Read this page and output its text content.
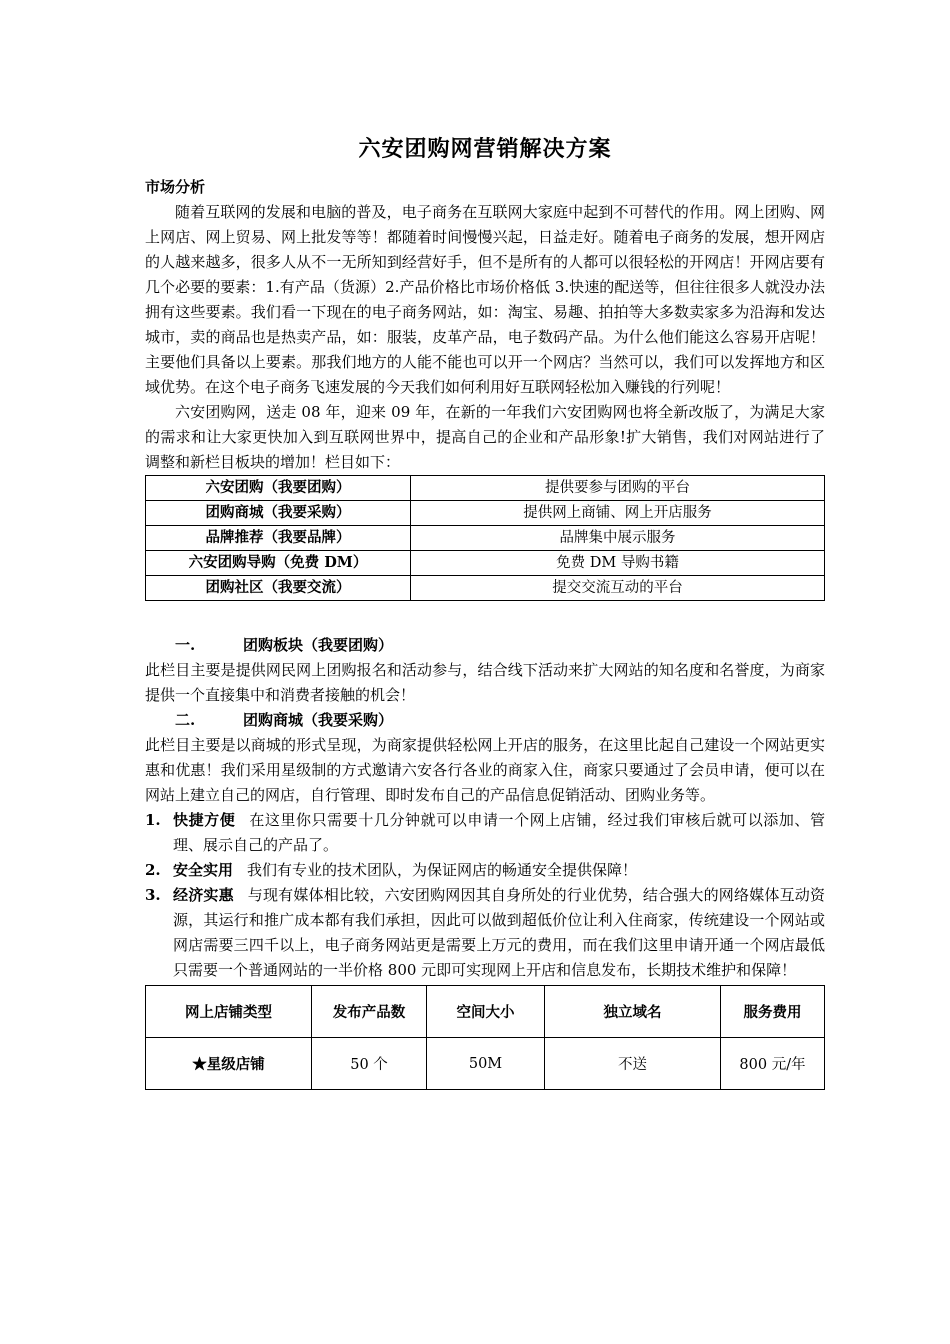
六安团购网营销解决方案
市场分析

随着互联网的发展和电脑的普及，电子商务在互联网大家庭中起到不可替代的作用。网上团购、网上网店、网上贸易、网上批发等等！都随着时间慢慢兴起，日益走好。随着电子商务的发展，想开网店的人越来越多，很多人从不一无所知到经营好手，但不是所有的人都可以很轻松的开网店！开网店要有几个必要的要素：1.有产品（货源）2.产品价格比市场价格低 3.快速的配送等，但往往很多人就没办法拥有这些要素。我们看一下现在的电子商务网站，如：淘宝、易趣、拍拍等大多数卖家多为沿海和发达城市，卖的商品也是热卖产品，如：服装，皮革产品，电子数码产品。为什么他们能这么容易开店呢！主要他们具备以上要素。那我们地方的人能不能也可以开一个网店？当然可以，我们可以发挥地方和区域优势。在这个电子商务飞速发展的今天我们如何利用好互联网轻松加入赚钱的行列呢！

六安团购网，送走 08 年，迎来 09 年，在新的一年我们六安团购网也将全新改版了，为满足大家的需求和让大家更快加入到互联网世界中，提高自己的企业和产品形象!扩大销售，我们对网站进行了调整和新栏目板块的增加！栏目如下：

六安团购（我要团购）	提供要参与团购的平台
团购商城（我要采购）	提供网上商铺、网上开店服务
品牌推荐（我要品牌）	品牌集中展示服务
六安团购导购（免费 DM）	免费 DM 导购书籍
团购社区（我要交流）	提交交流互动的平台
一.	团购板块（我要团购）

此栏目主要是提供网民网上团购报名和活动参与，结合线下活动来扩大网站的知名度和名誉度，为商家提供一个直接集中和消费者接触的机会！

二.	团购商城（我要采购）

此栏目主要是以商城的形式呈现，为商家提供轻松网上开店的服务，在这里比起自己建设一个网站更实惠和优惠！我们采用星级制的方式邀请六安各行各业的商家入住，商家只要通过了会员申请，便可以在网站上建立自己的网店，自行管理、即时发布自己的产品信息促销活动、团购业务等。

1. 快捷方便 在这里你只需要十几分钟就可以申请一个网上店铺，经过我们审核后就可以添加、管理、展示自己的产品了。
2. 安全实用 我们有专业的技术团队，为保证网店的畅通安全提供保障！
3. 经济实惠 与现有媒体相比较，六安团购网因其自身所处的行业优势，结合强大的网络媒体互动资源，其运行和推广成本都有我们承担，因此可以做到超低价位让利入住商家，传统建设一个网站或网店需要三四千以上，电子商务网站更是需要上万元的费用，而在我们这里申请开通一个网店最低只需要一个普通网站的一半价格 800 元即可实现网上开店和信息发布，长期技术维护和保障！
网上店铺类型	发布产品数	空间大小	独立域名	服务费用
★星级店铺	50 个	50M	不送	800 元/年
